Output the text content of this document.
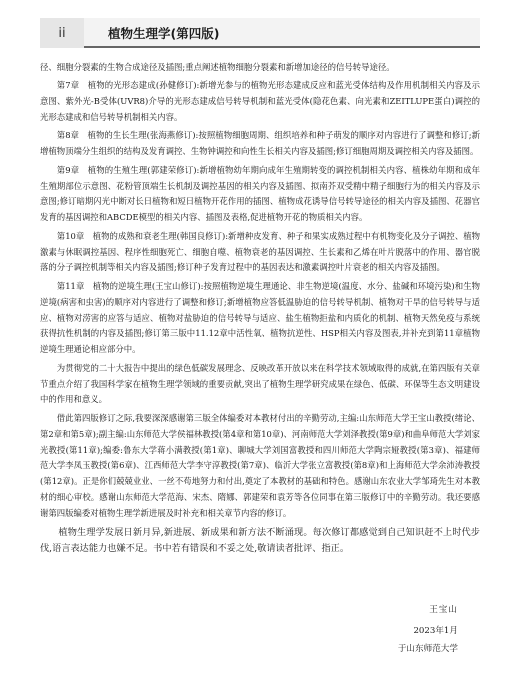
ii	植物生理学(第四版)

径、细胞分裂素的生物合成途径及插图;重点阐述植物细胞分裂素和新增加途径的信号转导途径。

第7章　植物的光形态建成(孙健修订):新增光参与的植物光形态建成反应和蓝光受体结构及作用机制相关内容及示意图、紫外光-B受体(UVR8)介导的光形态建成信号转导机制和蓝光受体(隐花色素、向光素和ZEITLUPE蛋白)调控的光形态建成和信号转导机制相关内容。

第8章　植物的生长生理(张海燕修订):按照植物细胞周期、组织培养和种子萌发的顺序对内容进行了调整和修订;新增植物顶端分生组织的结构及发育调控、生物钟调控和向性生长相关内容及插图;修订细胞周期及调控相关内容及插图。

第9章　植物的生殖生理(郭建荣修订):新增植物幼年期向成年生殖期转变的调控机制相关内容、植株幼年期和成年生殖期部位示意图、花粉管顶端生长机制及调控基因的相关内容及插图、拟南芥双受精中精子细胞行为的相关内容及示意图;修订暗期闪光中断对长日植物和短日植物开花作用的插图、植物成花诱导信号转导途径的相关内容及插图、花器官发育的基因调控和ABCDE模型的相关内容、插图及表格,促进植物开花的物质相关内容。

第10章　植物的成熟和衰老生理(韩国良修订):新增种皮发育、种子和果实成熟过程中有机物变化及分子调控、植物激素与休眠调控基因、程序性细胞死亡、细胞自噬、植物衰老的基因调控、生长素和乙烯在叶片脱落中的作用、器官脱落的分子调控机制等相关内容及插图;修订种子发育过程中的基因表达和激素调控叶片衰老的相关内容及插图。

第11章　植物的逆境生理(王宝山修订):按照植物逆境生理通论、非生物逆境(温度、水分、盐碱和环境污染)和生物逆境(病害和虫害)的顺序对内容进行了调整和修订;新增植物应答低温胁迫的信号转导机制、植物对干旱的信号转导与适应、植物对涝害的应答与适应、植物对盐胁迫的信号转导与适应、盐生植物拒盐和内质化的机制、植物天然免疫与系统获得抗性机制的内容及插图;修订第三版中11.12章中活性氧、植物抗逆性、HSP相关内容及图表,并补充到第11章植物逆境生理通论相应部分中。

为贯彻党的二十大报告中提出的绿色低碳发展理念、反映改革开放以来在科学技术领域取得的成就,在第四版有关章节重点介绍了我国科学家在植物生理学领域的重要贡献,突出了植物生理学研究成果在绿色、低碳、环保等生态文明建设中的作用和意义。

借此第四版修订之际,我要深深感谢第三版全体编委对本教材付出的辛勤劳动,主编:山东师范大学王宝山教授(绪论、第2章和第5章);副主编:山东师范大学侯福林教授(第4章和第10章)、河南师范大学刘泽教授(第9章)和曲阜师范大学刘家光教授(第11章);编委:鲁东大学蒋小满教授(第1章)、聊城大学刘国富教授和四川师范大学陶宗娅教授(第3章)、福建师范大学李凤玉教授(第6章)、江西师范大学李守淳教授(第7章)、临沂大学张立富教授(第8章)和上海师范大学余沛涛教授(第12章)。正是你们兢兢业业、一丝不苟地努力和付出,奠定了本教材的基础和特色。感谢山东农业大学邹琦先生对本教材的细心审校。感谢山东师范大学范海、宋杰、隋娜、郭建荣和袁芳等各位同事在第三版修订中的辛勤劳动。我还要感谢第四版编委对植物生理学新进展及时补充和相关章节内容的修订。

植物生理学发展日新月异,新进展、新成果和新方法不断涌现。每次修订都感觉到自己知识赶不上时代步伐,语言表达能力也嫌不足。书中若有错误和不妥之处,敬请读者批评、指正。

王宝山
2023年1月
于山东师范大学
